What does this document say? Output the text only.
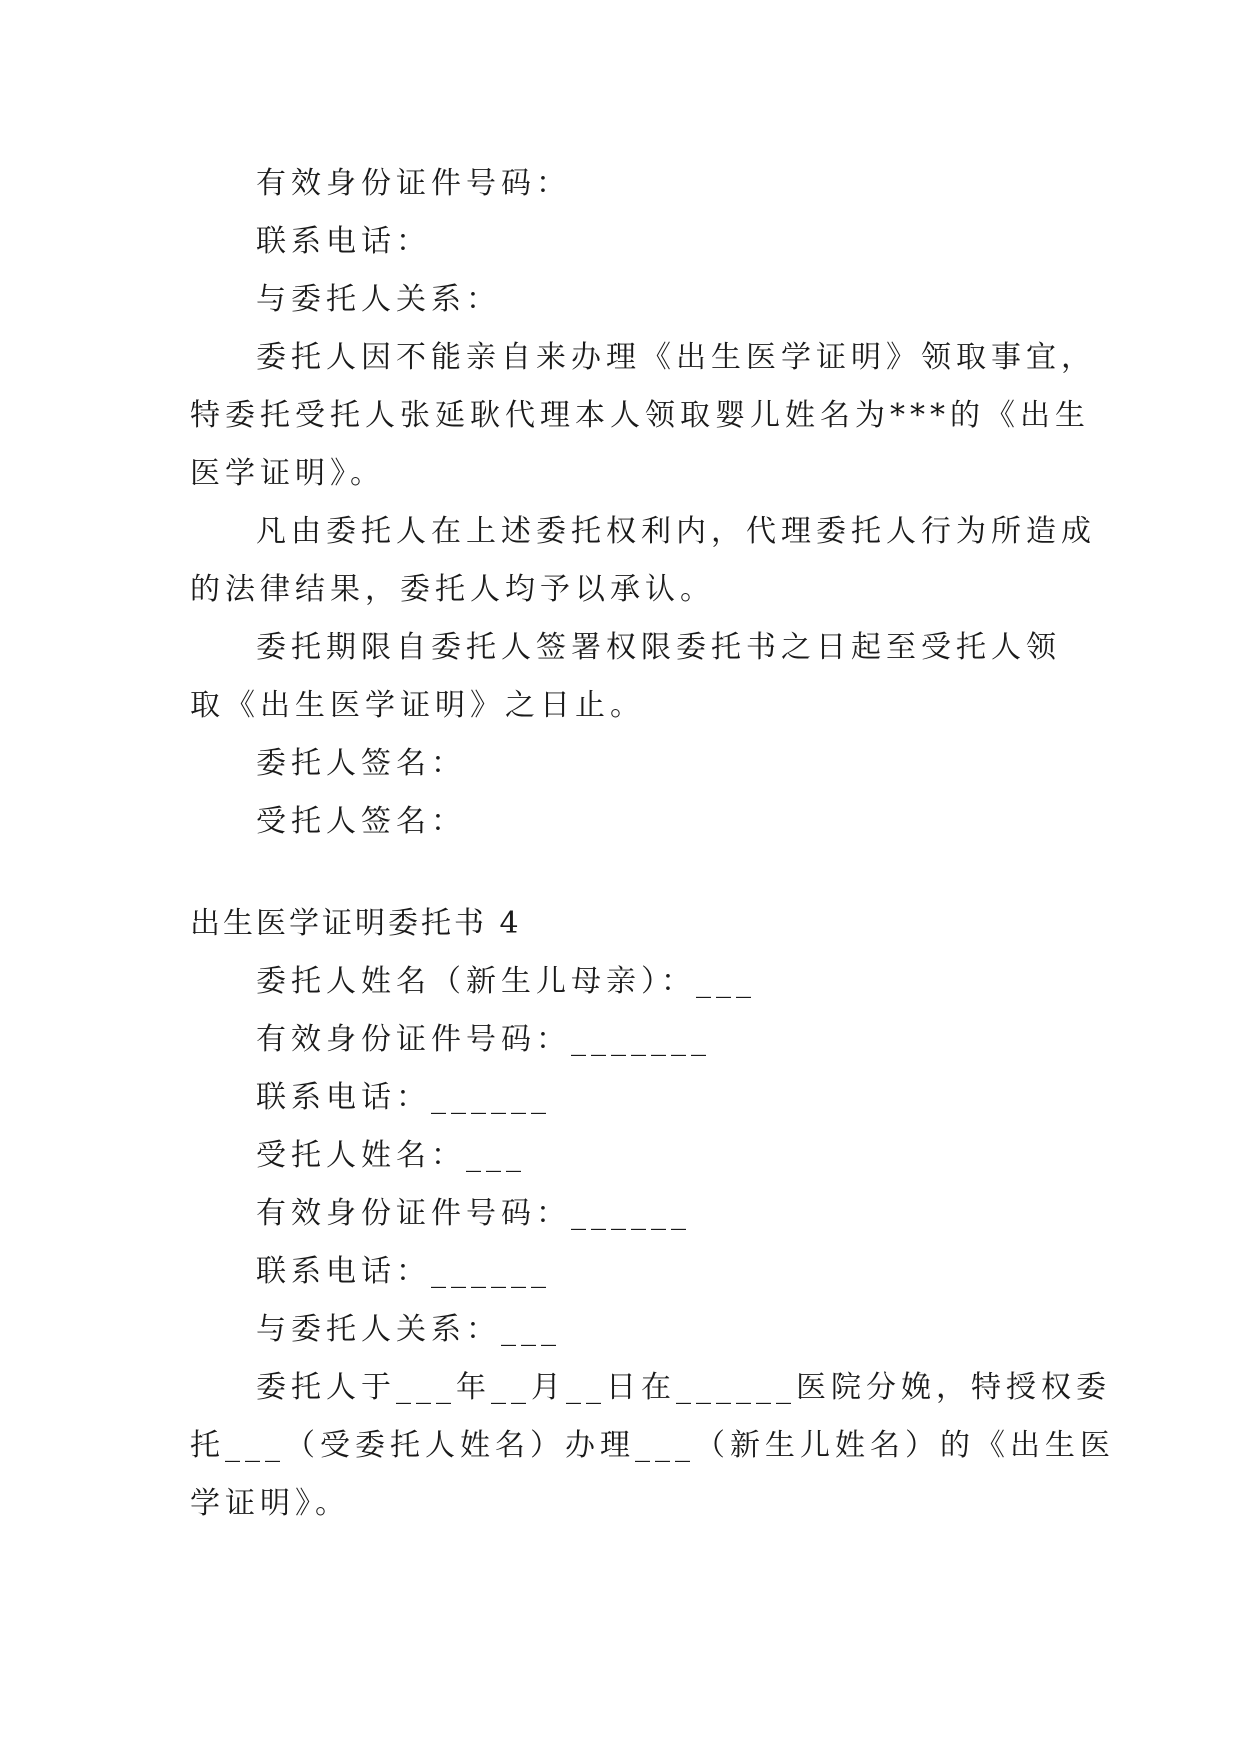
有效身份证件号码：

联系电话：

与委托人关系：

委托人因不能亲自来办理《出生医学证明》领取事宜，

特委托受托人张延耿代理本人领取婴儿姓名为***的《出生

医学证明》。

凡由委托人在上述委托权利内，代理委托人行为所造成

的法律结果，委托人均予以承认。

委托期限自委托人签署权限委托书之日起至受托人领

取《出生医学证明》之日止。

委托人签名：

受托人签名：

出生医学证明委托书 4

委托人姓名（新生儿母亲）：___

有效身份证件号码：_______

联系电话：______

受托人姓名：___

有效身份证件号码：______

联系电话：______

与委托人关系：___

委托人于___年__月__日在______医院分娩，特授权委

托___（受委托人姓名）办理___（新生儿姓名）的《出生医

学证明》。
